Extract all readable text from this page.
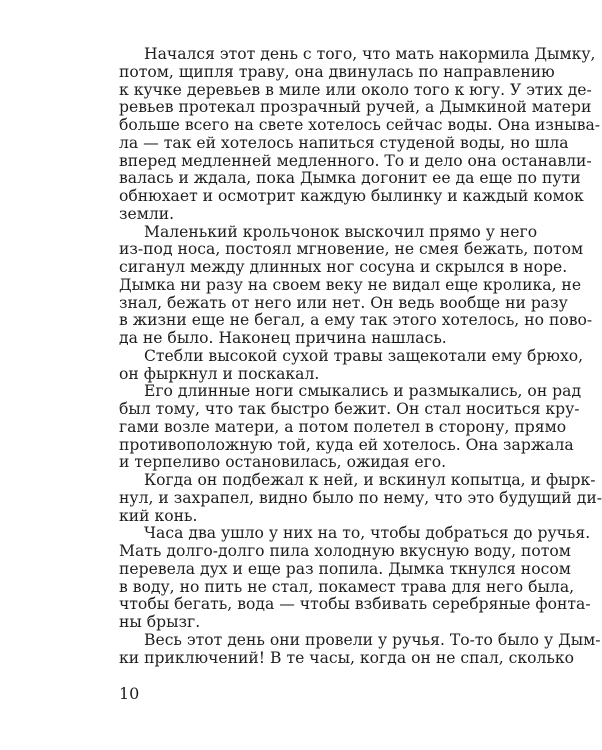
Начался этот день с того, что мать накормила Дымку,
потом, щипля траву, она двинулась по направлению
к кучке деревьев в миле или около того к югу. У этих де-
ревьев протекал прозрачный ручей, а Дымкиной матери
больше всего на свете хотелось сейчас воды. Она изныва-
ла — так ей хотелось напиться студеной воды, но шла
вперед медленней медленного. То и дело она останавли-
валась и ждала, пока Дымка догонит ее да еще по пути
обнюхает и осмотрит каждую былинку и каждый комок
земли.
Маленький крольчонок выскочил прямо у него
из-под носа, постоял мгновение, не смея бежать, потом
сиганул между длинных ног сосуна и скрылся в норе.
Дымка ни разу на своем веку не видал еще кролика, не
знал, бежать от него или нет. Он ведь вообще ни разу
в жизни еще не бегал, а ему так этого хотелось, но пово-
да не было. Наконец причина нашлась.
Стебли высокой сухой травы защекотали ему брюхо,
он фыркнул и поскакал.
Его длинные ноги смыкались и размыкались, он рад
был тому, что так быстро бежит. Он стал носиться кру-
гами возле матери, а потом полетел в сторону, прямо
противоположную той, куда ей хотелось. Она заржала
и терпеливо остановилась, ожидая его.
Когда он подбежал к ней, и вскинул копытца, и фырк-
нул, и захрапел, видно было по нему, что это будущий ди-
кий конь.
Часа два ушло у них на то, чтобы добраться до ручья.
Мать долго-долго пила холодную вкусную воду, потом
перевела дух и еще раз попила. Дымка ткнулся носом
в воду, но пить не стал, покамест трава для него была,
чтобы бегать, вода — чтобы взбивать серебряные фонта-
ны брызг.
Весь этот день они провели у ручья. То-то было у Дым-
ки приключений! В те часы, когда он не спал, сколько
10
